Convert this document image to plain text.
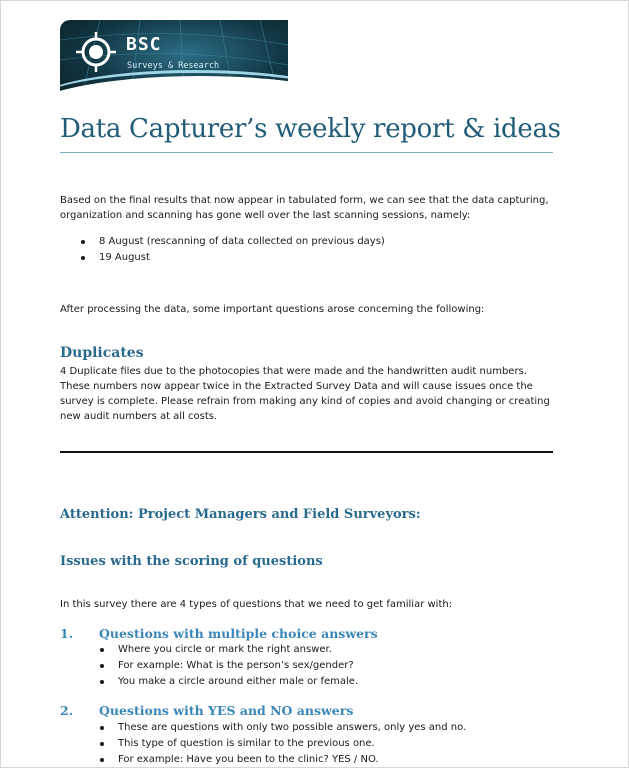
BSC
Surveys & Research
Data Capturer’s weekly report & ideas

Based on the final results that now appear in tabulated form, we can see that the data capturing, organization and scanning has gone well over the last scanning sessions, namely:

8 August (rescanning of data collected on previous days)
19 August

After processing the data, some important questions arose concerning the following:

Duplicates

4 Duplicate files due to the photocopies that were made and the handwritten audit numbers. These numbers now appear twice in the Extracted Survey Data and will cause issues once the survey is complete. Please refrain from making any kind of copies and avoid changing or creating new audit numbers at all costs.

Attention: Project Managers and Field Surveyors:
Issues with the scoring of questions

In this survey there are 4 types of questions that we need to get familiar with:

1. Questions with multiple choice answers
Where you circle or mark the right answer.
For example: What is the person’s sex/gender?
You make a circle around either male or female.
2. Questions with YES and NO answers
These are questions with only two possible answers, only yes and no.
This type of question is similar to the previous one.
For example: Have you been to the clinic? YES / NO.
